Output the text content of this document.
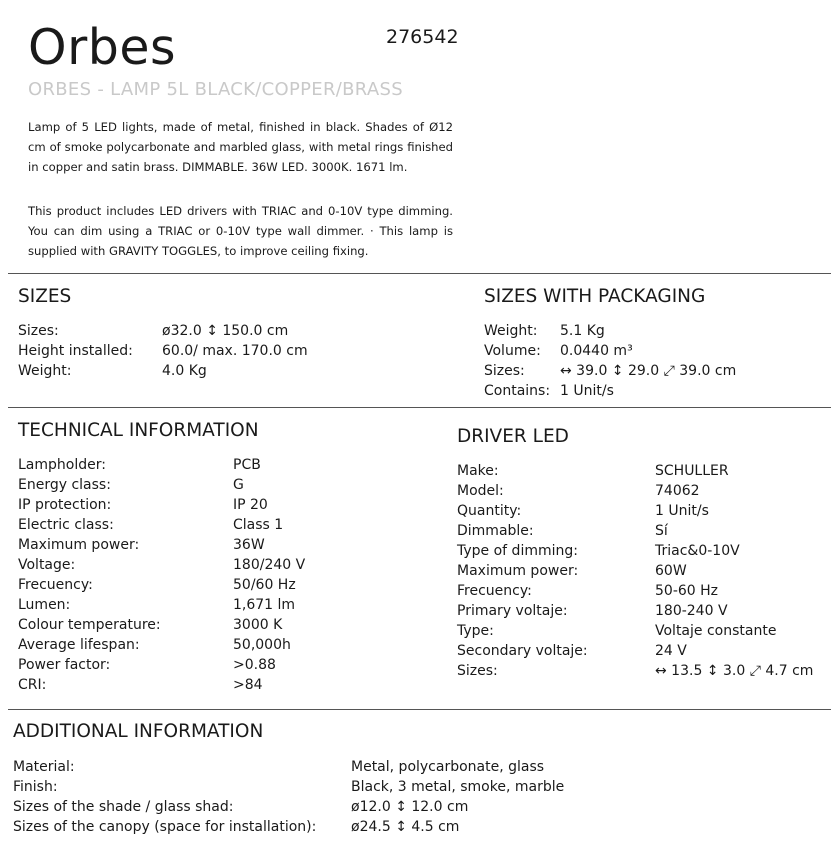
Orbes	276542
ORBES - LAMP 5L BLACK/COPPER/BRASS
Lamp of 5 LED lights, made of metal, finished in black. Shades of Ø12 cm of smoke polycarbonate and marbled glass, with metal rings finished in copper and satin brass. DIMMABLE. 36W LED. 3000K. 1671 lm.
This product includes LED drivers with TRIAC and 0-10V type dimming. You can dim using a TRIAC or 0-10V type wall dimmer. · This lamp is supplied with GRAVITY TOGGLES, to improve ceiling fixing.
SIZES
Sizes:	ø32.0 ↕ 150.0 cm
Height installed:	60.0/ max. 170.0 cm
Weight:	4.0 Kg
SIZES WITH PACKAGING
Weight:	5.1 Kg
Volume:	0.0440 m³
Sizes:	↔ 39.0 ↕ 29.0 ⤢ 39.0 cm
Contains: 1 Unit/s
TECHNICAL INFORMATION
Lampholder:	PCB
Energy class:	G
IP protection:	IP 20
Electric class:	Class 1
Maximum power:	36W
Voltage:	180/240 V
Frecuency:	50/60 Hz
Lumen:	1,671 lm
Colour temperature:	3000 K
Average lifespan:	50,000h
Power factor:	>0.88
CRI:	>84
DRIVER LED
Make:	SCHULLER
Model:	74062
Quantity:	1 Unit/s
Dimmable:	Sí
Type of dimming:	Triac&0-10V
Maximum power:	60W
Frecuency:	50-60 Hz
Primary voltaje:	180-240 V
Type:	Voltaje constante
Secondary voltaje:	24 V
Sizes:	↔ 13.5 ↕ 3.0 ⤢ 4.7 cm
ADDITIONAL INFORMATION
Material:	Metal, polycarbonate, glass
Finish:	Black, 3 metal, smoke, marble
Sizes of the shade / glass shad:	ø12.0 ↕ 12.0 cm
Sizes of the canopy (space for installation):	ø24.5 ↕ 4.5 cm
